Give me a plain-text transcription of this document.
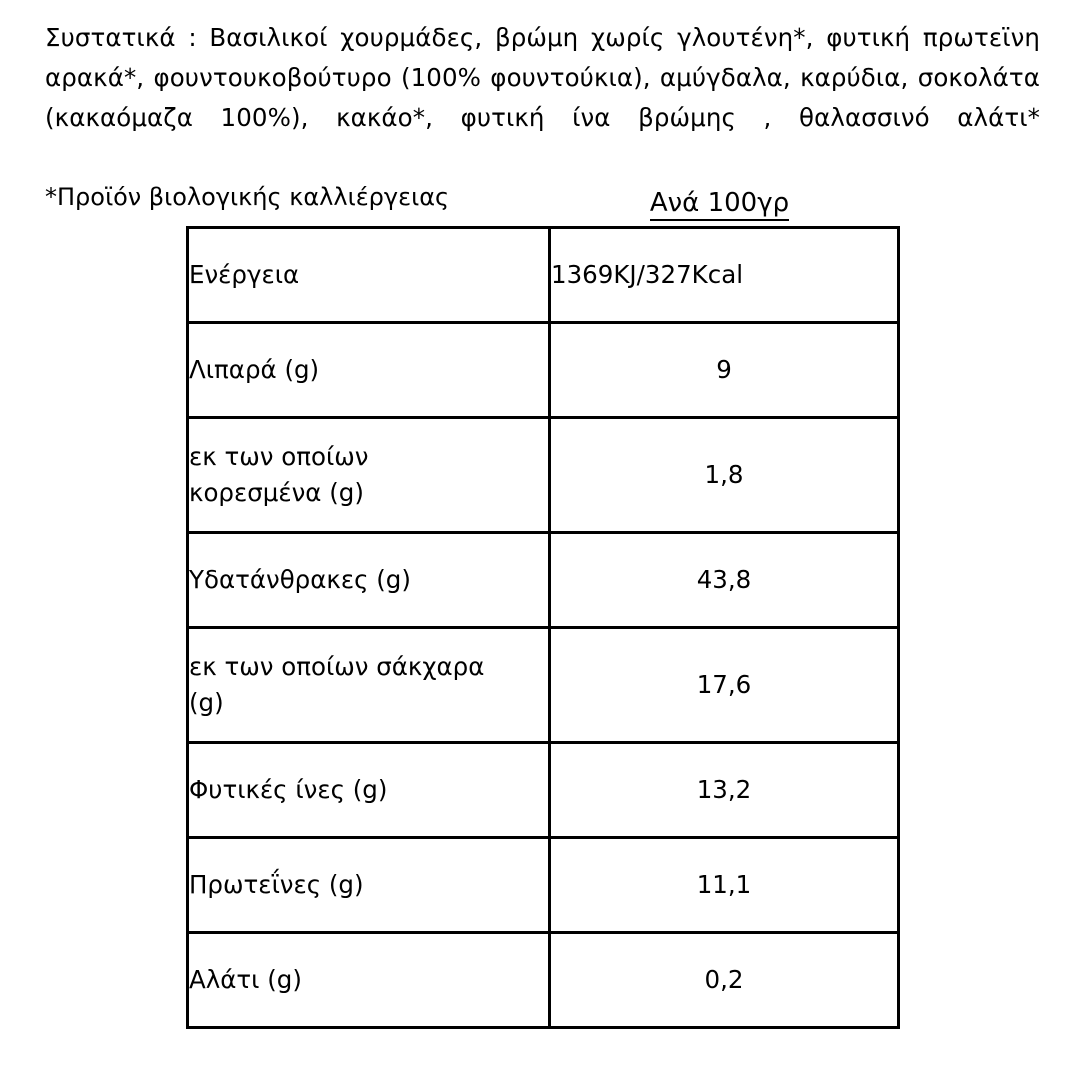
Συστατικά : Βασιλικοί χουρμάδες, βρώμη χωρίς γλουτένη*, φυτική πρωτεϊνη αρακά*, φουντουκοβούτυρο (100% φουντούκια), αμύγδαλα, καρύδια, σοκολάτα (κακαόμαζα 100%), κακάο*, φυτική ίνα βρώμης , θαλασσινό αλάτι*

*Προϊόν βιολογικής καλλιέργειας	Ανά 100γρ
Ενέργεια	1369KJ/327Kcal

Λιπαρά (g)	9

εκ των οποίων
κορεσμένα (g)	1,8

Υδατάνθρακες (g)	43,8

εκ των οποίων σάκχαρα
(g)	17,6

Φυτικές ίνες (g)	13,2

Πρωτεΐνες (g)	11,1

Αλάτι (g)	0,2
